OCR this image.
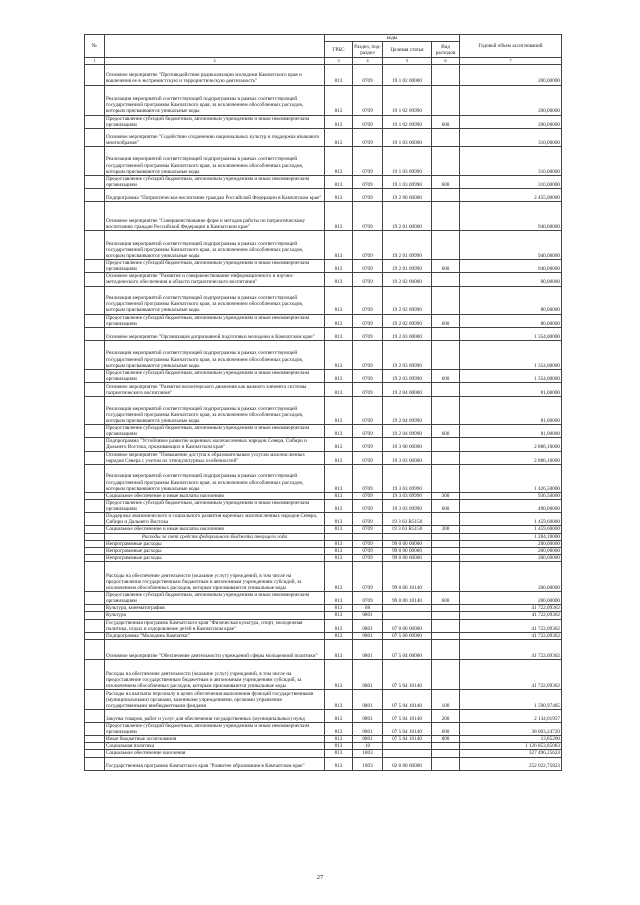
№		коды				Годовой объем ассигнований
		ГРБС	Раздел, под-раздел	Целевая статья	Вид расходов	
1	2	3	4	5	6	7
	Основное мероприятие "Противодействие радикализации молодежи Камчатского края и вовлечения ее в экстремистскую и террористическую деятельность"	813	0709	19 1 02 00000		200,00000
	Реализация мероприятий соответствующей подпрограммы в рамках соответствующей государственной программы Камчатского края, за исключением обособленных расходов, которым присваиваются уникальные коды	813	0709	19 1 02 09990		200,00000
	Предоставление субсидий бюджетным, автономным учреждениям и иным некоммерческим организациям	813	0709	19 1 02 09990	600	200,00000
	Основное мероприятие "Содействие сохранению национальных культур и поддержка языкового многообразия"	813	0709	19 1 03 00000		310,00000
	Реализация мероприятий соответствующей подпрограммы в рамках соответствующей государственной программы Камчатского края, за исключением обособленных расходов, которым присваиваются уникальные коды	813	0709	19 1 03 09990		310,00000
	Предоставление субсидий бюджетным, автономным учреждениям и иным некоммерческим организациям	813	0709	19 1 03 09990	600	310,00000
	Подпрограмма "Патриотическое воспитание граждан Российской Федерации в Камчатском крае"	813	0709	19 2 00 00000		2 455,00000
	Основное мероприятие "Совершенствование форм и методов работы по патриотическому воспитанию граждан Российской Федерации в Камчатском крае"	813	0709	19 2 01 00000		940,00000
	Реализация мероприятий соответствующей подпрограммы в рамках соответствующей государственной программы Камчатского края, за исключением обособленных расходов, которым присваиваются уникальные коды	813	0709	19 2 01 09990		940,00000
	Предоставление субсидий бюджетным, автономным учреждениям и иным некоммерческим организациям	813	0709	19 2 01 09990	600	940,00000
	Основное мероприятие "Развитие и совершенствование информационного и научно-методического обеспечения в области патриотического воспитания"	813	0709	19 2 02 00000		80,00000
	Реализация мероприятий соответствующей подпрограммы в рамках соответствующей государственной программы Камчатского края, за исключением обособленных расходов, которым присваиваются уникальные коды	813	0709	19 2 02 09990		80,00000
	Предоставление субсидий бюджетным, автономным учреждениям и иным некоммерческим организациям	813	0709	19 2 02 09990	600	80,00000
	Основное мероприятие "Организация допризывной подготовки молодежи в Камчатском крае"	813	0709	19 2 03 00000		1 354,00000
	Реализация мероприятий соответствующей подпрограммы в рамках соответствующей государственной программы Камчатского края, за исключением обособленных расходов, которым присваиваются уникальные коды	813	0709	19 2 03 09990		1 354,00000
	Предоставление субсидий бюджетным, автономным учреждениям и иным некоммерческим организациям	813	0709	19 2 03 09990	600	1 354,00000
	Основное мероприятие "Развитие волонтерского движения как важного элемента системы патриотического воспитания"	813	0709	19 2 04 00000		81,00000
	Реализация мероприятий соответствующей подпрограммы в рамках соответствующей государственной программы Камчатского края, за исключением обособленных расходов, которым присваиваются уникальные коды	813	0709	19 2 04 09990		81,00000
	Предоставление субсидий бюджетным, автономным учреждениям и иным некоммерческим организациям	813	0709	19 2 04 09990	600	81,00000
	Подпрограмма "Устойчивое развитие коренных малочисленных народов Севера, Сибири и Дальнего Востока, проживающих в Камчатском крае"	813	0709	19 3 00 00000		2 886,10000
	Основное мероприятие "Повышение доступа к образовательным услугам малочисленных народов Севера с учетом их этнокультурных особенностей"	813	0709	19 3 03 00000		2 886,10000
	Реализация мероприятий соответствующей подпрограммы в рамках соответствующей государственной программы Камчатского края, за исключением обособленных расходов, которым присваиваются уникальные коды	813	0709	19 3 03 09990		1 426,50000
	Социальное обеспечение и иные выплаты населению	813	0709	19 3 03 09990	300	936,50000
	Предоставление субсидий бюджетным, автономным учреждениям и иным некоммерческим организациям	813	0709	19 3 03 09990	600	490,00000
	Поддержка экономического и социального развития коренных малочисленных народов Севера, Сибири и Дальнего Востока	813	0709	19 3 03 R5150		1 459,60000
	Социальное обеспечение и иные выплаты населению	813	0709	19 3 03 R5150	300	1 459,60000
	Расходы за счет средств федерального бюджета текущего года					1 284,10000
	Непрограммные расходы	813	0709	99 0 00 00000		200,00000
	Непрограммные расходы	813	0709	99 0 00 00000		200,00000
	Непрограммные расходы	813	0709	99 0 00 00000		200,00000
	Расходы на обеспечение деятельности (оказание услуг) учреждений, в том числе на предоставление государственным бюджетным и автономным учреждениям субсидий, за исключением обособленных расходов, которым присваиваются уникальные коды	813	0709	99 0 00 10140		200,00000
	Предоставление субсидий бюджетным, автономным учреждениям и иным некоммерческим организациям	813	0709	99 0 00 10140	600	200,00000
	Культура, кинематография	813	08			41 722,09362
	Культура	813	0801			41 722,09362
	Государственная программа Камчатского края "Физическая культура, спорт, молодежная политика, отдых и оздоровление детей в Камчатском крае"	813	0801	07 0 00 00000		41 722,09362
	Подпрограмма "Молодежь Камчатки"	813	0801	07 5 00 00000		41 722,09362
	Основное мероприятие "Обеспечение деятельности учреждений сферы молодежной политики"	813	0801	07 5 04 00000		41 722,09362
	Расходы на обеспечение деятельности (оказание услуг) учреждений, в том числе на предоставление государственным бюджетным и автономным учреждениям субсидий, за исключением обособленных расходов, которым присваиваются уникальные коды	813	0801	07 5 04 10140		41 722,09362
	Расходы на выплаты персоналу в целях обеспечения выполнения функций государственными (муниципальными) органами, казенными учреждениями, органами управления государственными внебюджетными фондами	813	0801	07 5 04 10140	100	1 590,97485
	Закупка товаров, работ и услуг для обеспечения государственных (муниципальных) нужд	813	0801	07 5 04 10140	200	2 134,01957
	Предоставление субсидий бюджетным, автономным учреждениям и иным некоммерческим организациям	813	0801	07 5 04 10140	600	38 003,24720
	Иные бюджетные ассигнования	813	0801	07 5 04 10140	800	13,85200
	Социальная политика	813	10			1 126 853,85083
	Социальное обеспечение населения	813	1003			327 496,25623
	Государственная программа Камчатского края "Развитие образования в Камчатском крае"	813	1003	02 0 00 00000		252 022,75823
27
